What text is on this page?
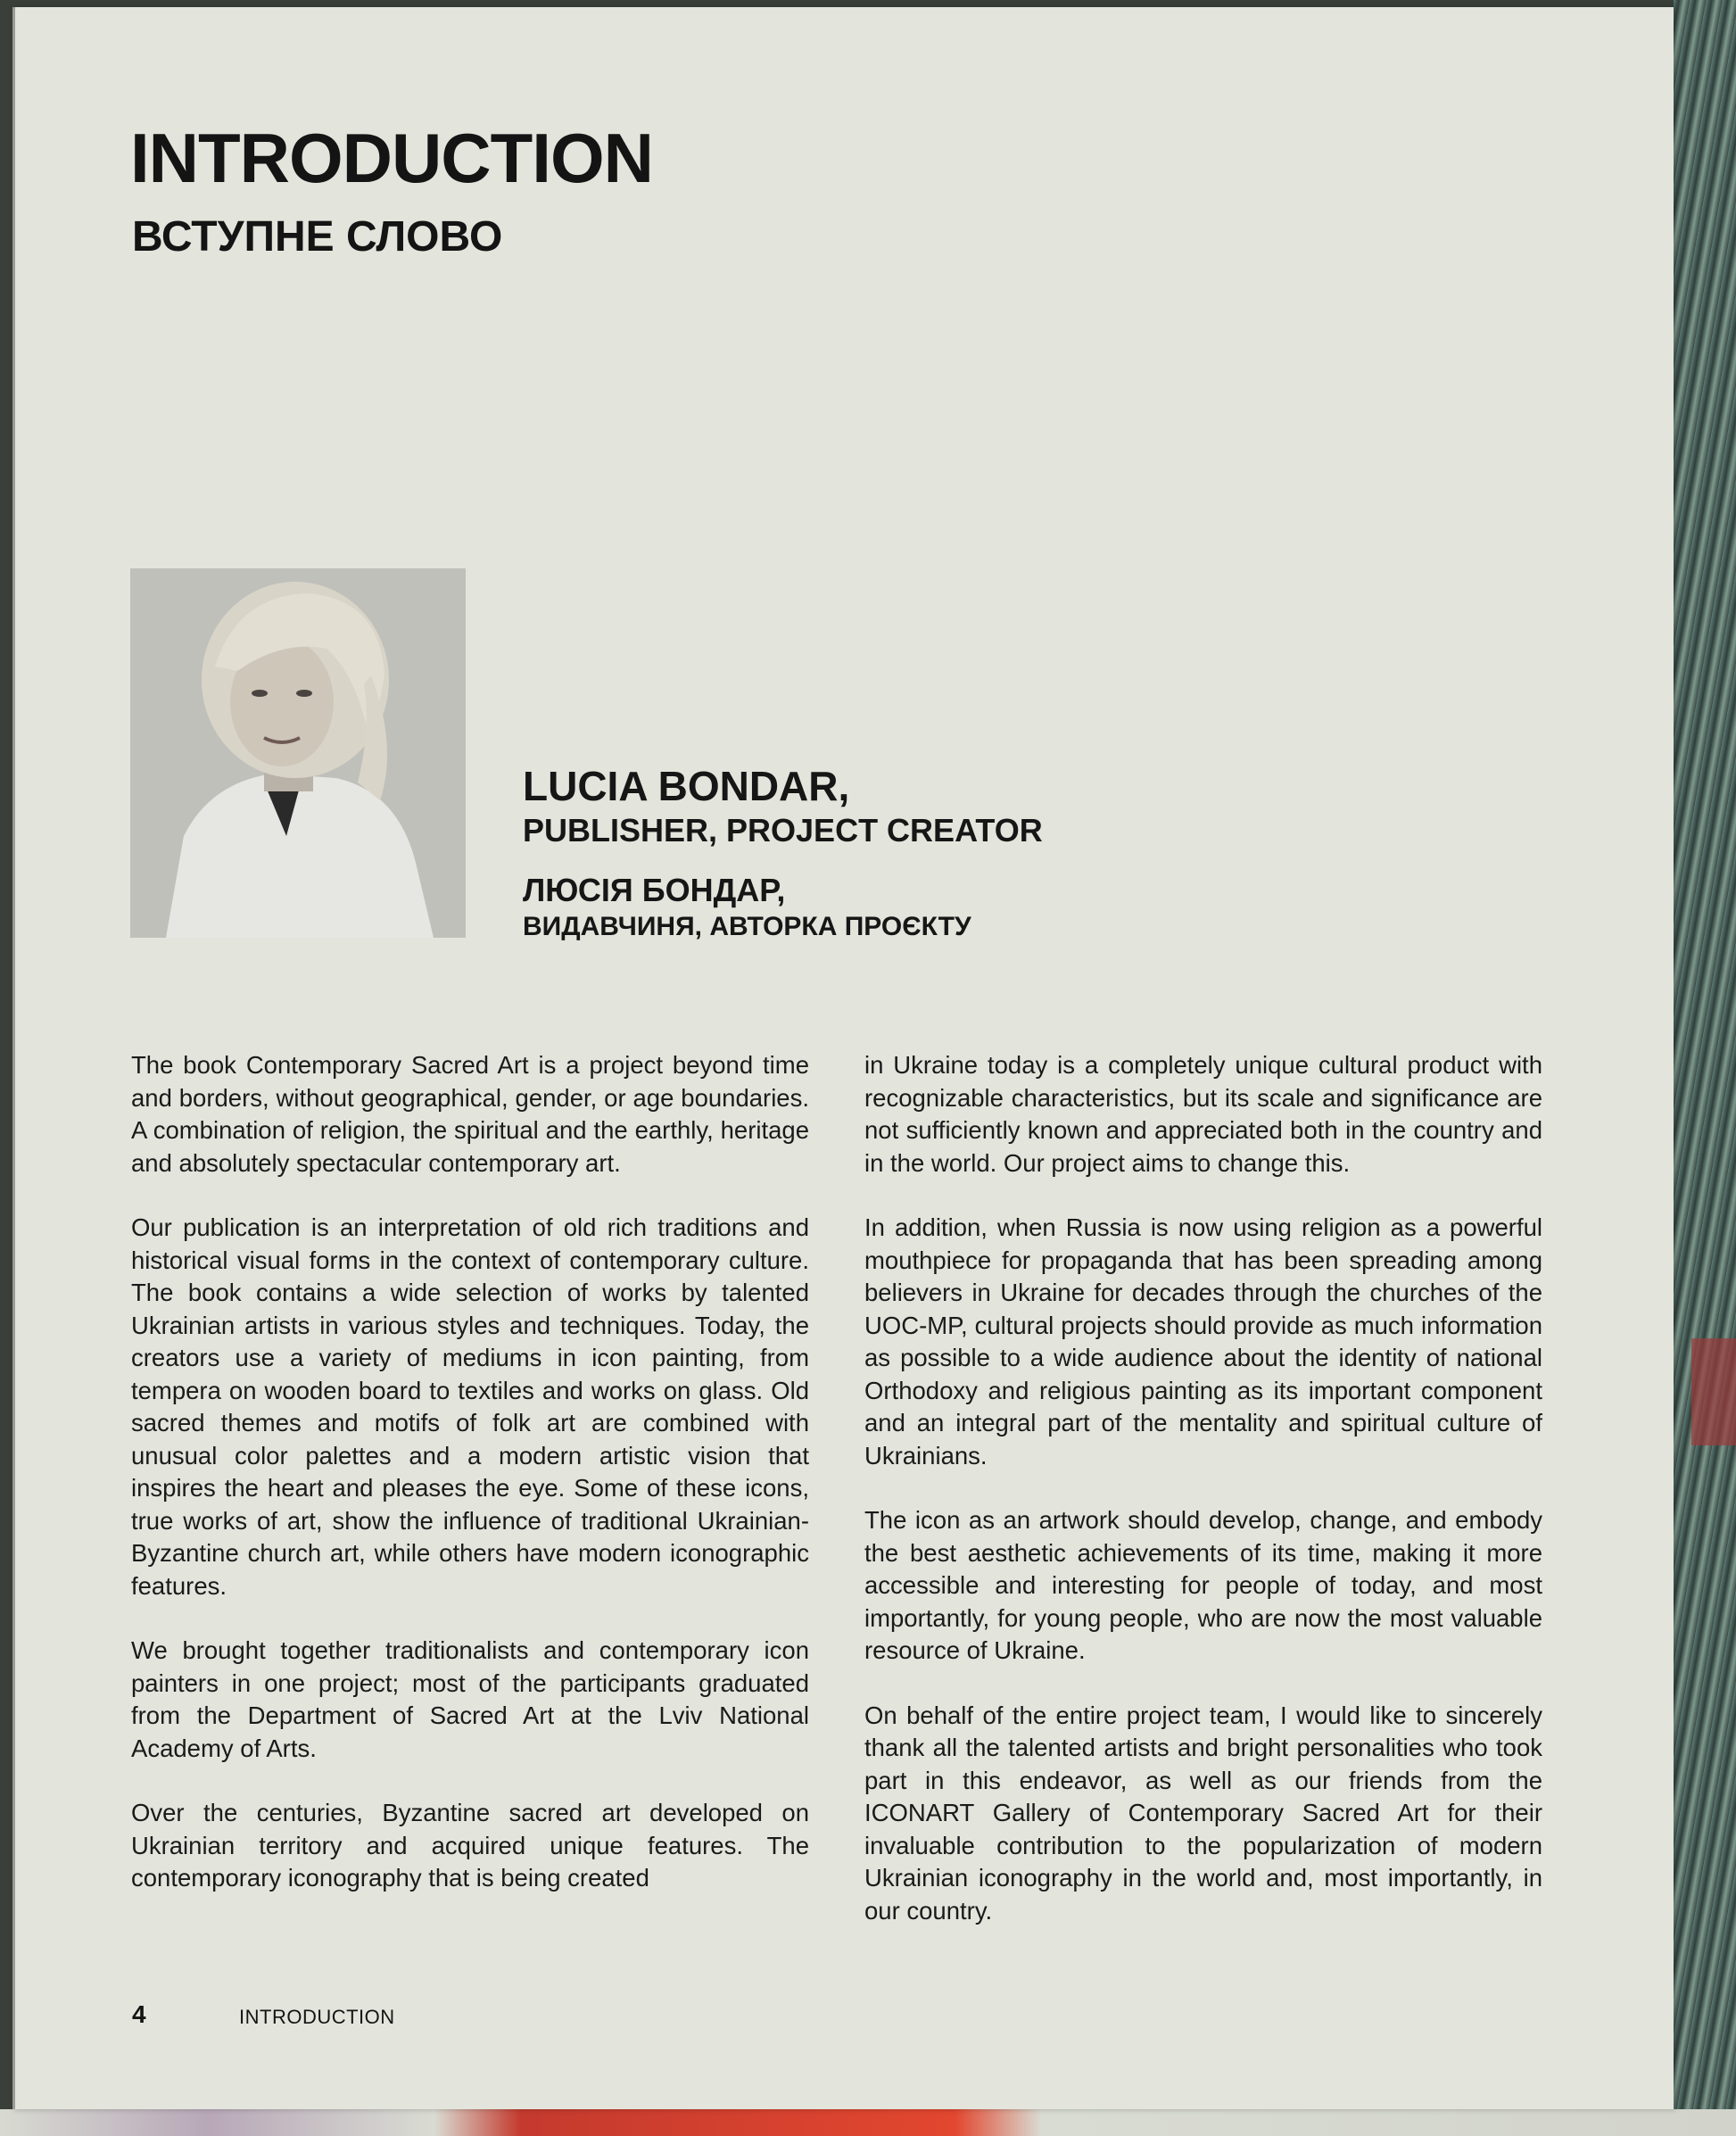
INTRODUCTION
ВСТУПНЕ СЛОВО
LUCIA BONDAR,
PUBLISHER, PROJECT CREATOR
ЛЮСІЯ БОНДАР,
ВИДАВЧИНЯ, АВТОРКА ПРОЄКТУ

The book Contemporary Sacred Art is a project beyond time and borders, without geographical, gender, or age boundaries. A combination of religion, the spiritual and the earthly, heritage and absolutely spectacular contemporary art.

Our publication is an interpretation of old rich traditions and historical visual forms in the context of contemporary culture. The book contains a wide selection of works by talented Ukrainian artists in various styles and techniques. Today, the creators use a variety of mediums in icon painting, from tempera on wooden board to textiles and works on glass. Old sacred themes and motifs of folk art are combined with unusual color palettes and a modern artistic vision that inspires the heart and pleases the eye. Some of these icons, true works of art, show the influence of traditional Ukrainian-Byzantine church art, while others have modern iconographic features.

We brought together traditionalists and contemporary icon painters in one project; most of the participants graduated from the Department of Sacred Art at the Lviv National Academy of Arts.

Over the centuries, Byzantine sacred art developed on Ukrainian territory and acquired unique features. The contemporary iconography that is being created

in Ukraine today is a completely unique cultural product with recognizable characteristics, but its scale and significance are not sufficiently known and appreciated both in the country and in the world. Our project aims to change this.

In addition, when Russia is now using religion as a powerful mouthpiece for propaganda that has been spreading among believers in Ukraine for decades through the churches of the UOC-MP, cultural projects should provide as much information as possible to a wide audience about the identity of national Orthodoxy and religious painting as its important component and an integral part of the mentality and spiritual culture of Ukrainians.

The icon as an artwork should develop, change, and embody the best aesthetic achievements of its time, making it more accessible and interesting for people of today, and most importantly, for young people, who are now the most valuable resource of Ukraine.

On behalf of the entire project team, I would like to sincerely thank all the talented artists and bright personalities who took part in this endeavor, as well as our friends from the ICONART Gallery of Contemporary Sacred Art for their invaluable contribution to the popularization of modern Ukrainian iconography in the world and, most importantly, in our country.

4	INTRODUCTION
